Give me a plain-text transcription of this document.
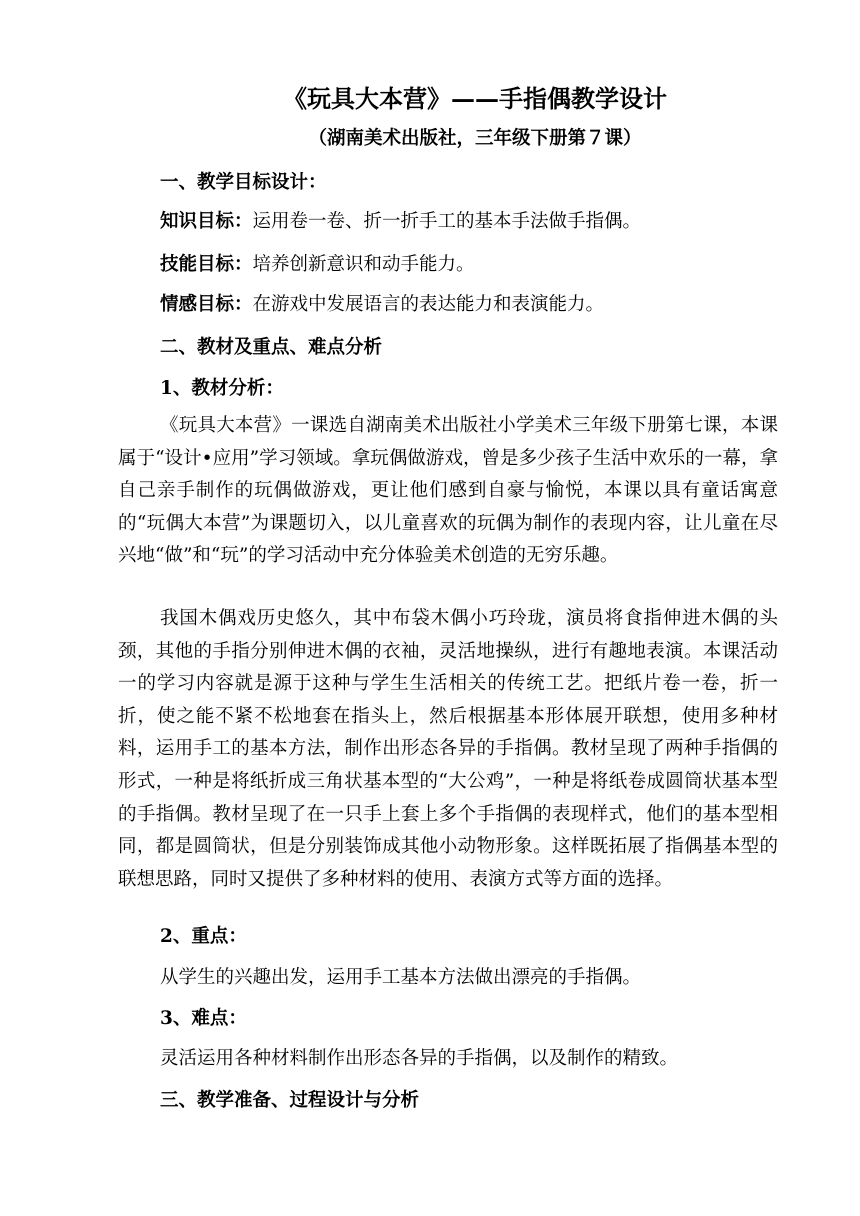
《玩具大本营》——手指偶教学设计
（湖南美术出版社，三年级下册第７课）
一、教学目标设计：
知识目标：运用卷一卷、折一折手工的基本手法做手指偶。
技能目标：培养创新意识和动手能力。
情感目标：在游戏中发展语言的表达能力和表演能力。
二、教材及重点、难点分析
1、教材分析：

《玩具大本营》一课选自湖南美术出版社小学美术三年级下册第七课，本课属于“设计•应用”学习领域。拿玩偶做游戏，曾是多少孩子生活中欢乐的一幕，拿自己亲手制作的玩偶做游戏，更让他们感到自豪与愉悦，本课以具有童话寓意的“玩偶大本营”为课题切入，以儿童喜欢的玩偶为制作的表现内容，让儿童在尽兴地“做”和“玩”的学习活动中充分体验美术创造的无穷乐趣。

我国木偶戏历史悠久，其中布袋木偶小巧玲珑，演员将食指伸进木偶的头颈，其他的手指分别伸进木偶的衣袖，灵活地操纵，进行有趣地表演。本课活动一的学习内容就是源于这种与学生生活相关的传统工艺。把纸片卷一卷，折一折，使之能不紧不松地套在指头上，然后根据基本形体展开联想，使用多种材料，运用手工的基本方法，制作出形态各异的手指偶。教材呈现了两种手指偶的形式，一种是将纸折成三角状基本型的“大公鸡”，一种是将纸卷成圆筒状基本型的手指偶。教材呈现了在一只手上套上多个手指偶的表现样式，他们的基本型相同，都是圆筒状，但是分别装饰成其他小动物形象。这样既拓展了指偶基本型的联想思路，同时又提供了多种材料的使用、表演方式等方面的选择。

2、重点：
从学生的兴趣出发，运用手工基本方法做出漂亮的手指偶。
3、难点：
灵活运用各种材料制作出形态各异的手指偶，以及制作的精致。
三、教学准备、过程设计与分析
